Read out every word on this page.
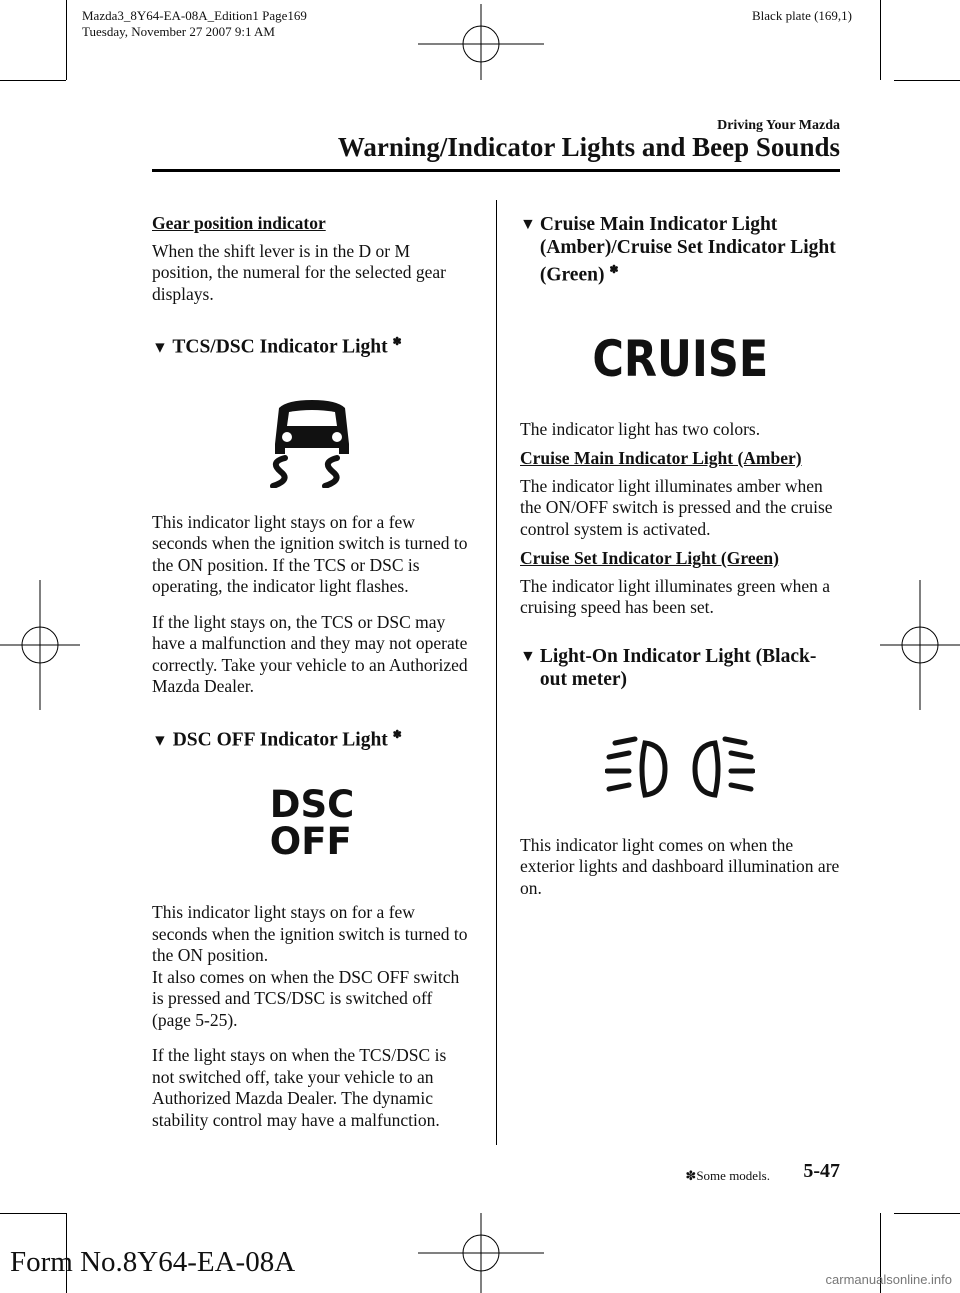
Mazda3_8Y64-EA-08A_Edition1 Page169
Tuesday, November 27 2007 9:1 AM
Black plate (169,1)
Driving Your Mazda
Warning/Indicator Lights and Beep Sounds

Gear position indicator

When the shift lever is in the D or M position, the numeral for the selected gear displays.

▼ TCS/DSC Indicator Light ✽

This indicator light stays on for a few seconds when the ignition switch is turned to the ON position. If the TCS or DSC is operating, the indicator light flashes.

If the light stays on, the TCS or DSC may have a malfunction and they may not operate correctly. Take your vehicle to an Authorized Mazda Dealer.

▼ DSC OFF Indicator Light ✽

DSC
OFF

This indicator light stays on for a few seconds when the ignition switch is turned to the ON position.
It also comes on when the DSC OFF switch is pressed and TCS/DSC is switched off (page 5-25).

If the light stays on when the TCS/DSC is not switched off, take your vehicle to an Authorized Mazda Dealer. The dynamic stability control may have a malfunction.

▼ Cruise Main Indicator Light (Amber)/Cruise Set Indicator Light (Green) ✽

CRUISE

The indicator light has two colors.

Cruise Main Indicator Light (Amber)

The indicator light illuminates amber when the ON/OFF switch is pressed and the cruise control system is activated.

Cruise Set Indicator Light (Green)

The indicator light illuminates green when a cruising speed has been set.

▼ Light-On Indicator Light (Black-out meter)

This indicator light comes on when the exterior lights and dashboard illumination are on.

✽Some models. 5-47
Form No.8Y64-EA-08A
carmanualsonline.info
